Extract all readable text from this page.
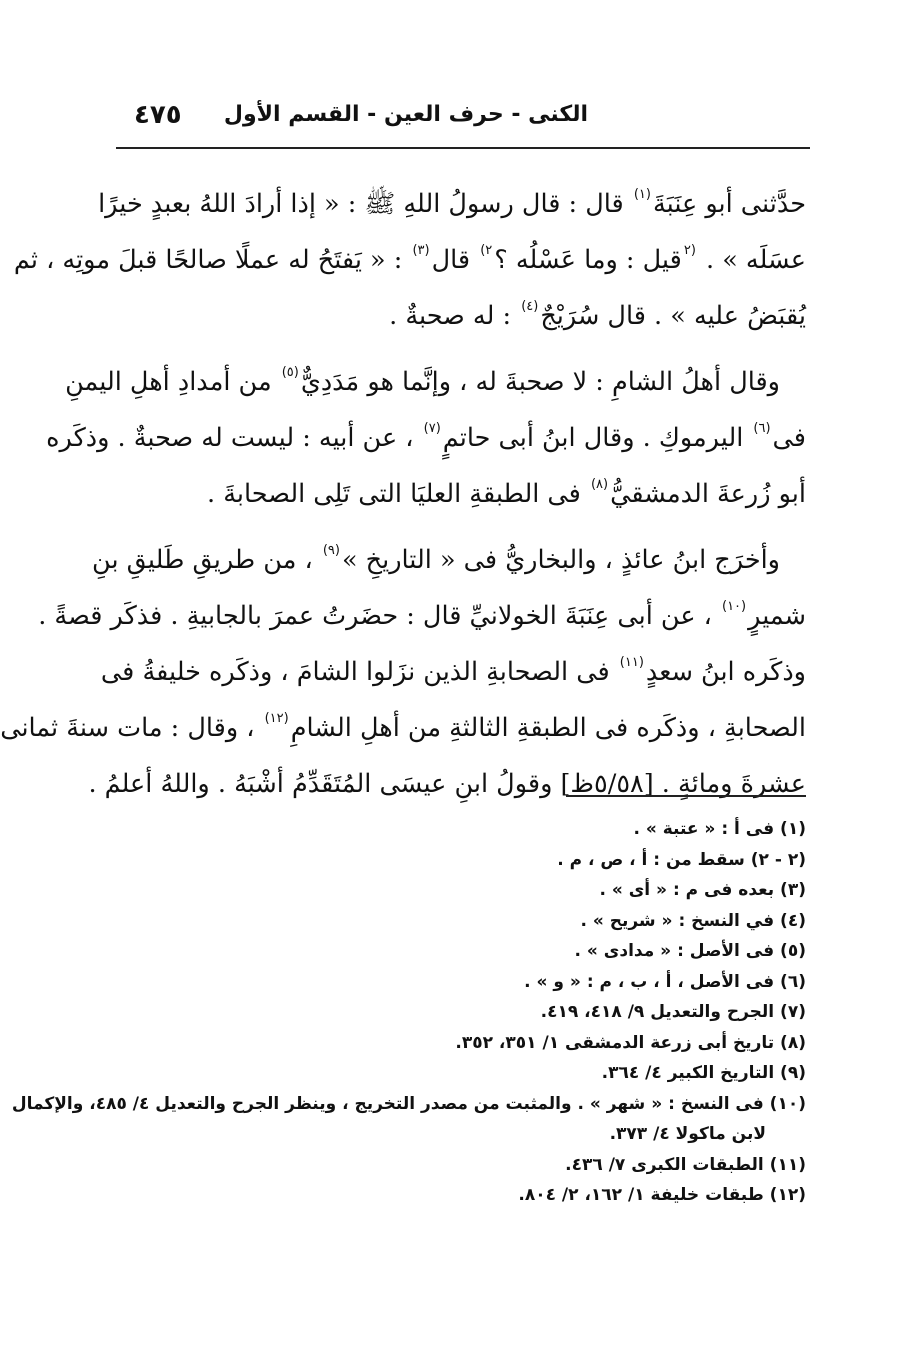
الكنى - حرف العين - القسم الأول
٤٧٥
حدَّثنى أبو عِنَبَةَ$^{(١)}$ قال : قال رسولُ اللهِ ﷺ : « إذا أرادَ اللهُ بعبدٍ خيرًا
عسَلَه » . $^{(٢}$قيل : وما عَسْلُه ؟$^{٢)}$ قال$^{(٣)}$ : « يَفتَحُ له عملًا صالحًا قبلَ موتِه ، ثم
يُقبَضُ عليه » . قال سُرَيْجٌ$^{(٤)}$ : له صحبةٌ .
وقال أهلُ الشامِ : لا صحبةَ له ، وإنَّما هو مَدَدِيٌّ$^{(٥)}$ من أمدادِ أهلِ اليمنِ
فى$^{(٦)}$ اليرموكِ . وقال ابنُ أبى حاتمٍ$^{(٧)}$ ، عن أبيه : ليست له صحبةٌ . وذكَره
أبو زُرعةَ الدمشقيُّ$^{(٨)}$ فى الطبقةِ العليَا التى تَلِى الصحابةَ .
وأخرَج ابنُ عائذٍ ، والبخاريُّ فى « التاريخِ »$^{(٩)}$ ، من طريقِ طَليقِ بنِ
شميرٍ$^{(١٠)}$ ، عن أبى عِنَبَةَ الخولانيِّ قال : حضَرتُ عمرَ بالجابيةِ . فذكَر قصةً .
وذكَره ابنُ سعدٍ$^{(١١)}$ فى الصحابةِ الذين نزَلوا الشامَ ، وذكَره خليفةُ فى
الصحابةِ ، وذكَره فى الطبقةِ الثالثةِ من أهلِ الشامِ$^{(١٢)}$ ، وقال : مات سنةَ ثمانى
عشرةَ ومائةٍ . [٥/٥٨ظ] وقولُ ابنِ عيسَى المُتَقَدِّمُ أشْبَهُ . واللهُ أعلمُ .
(١) فى أ : « عتبة » .
(٢ - ٢) سقط من : أ ، ص ، م .
(٣) بعده فى م : « أى » .
(٤) في النسخ : « شريح » .
(٥) فى الأصل : « مدادى » .
(٦) فى الأصل ، أ ، ب ، م : « و » .
(٧) الجرح والتعديل ٩/ ٤١٨، ٤١٩.
(٨) تاريخ أبى زرعة الدمشقى ١/ ٣٥١، ٣٥٢.
(٩) التاريخ الكبير ٤/ ٣٦٤.
(١٠) فى النسخ : « شهر » . والمثبت من مصدر التخريج ، وينظر الجرح والتعديل ٤/ ٤٨٥، والإكمال
لابن ماكولا ٤/ ٣٧٣.
(١١) الطبقات الكبرى ٧/ ٤٣٦.
(١٢) طبقات خليفة ١/ ١٦٢، ٢/ ٨٠٤.
